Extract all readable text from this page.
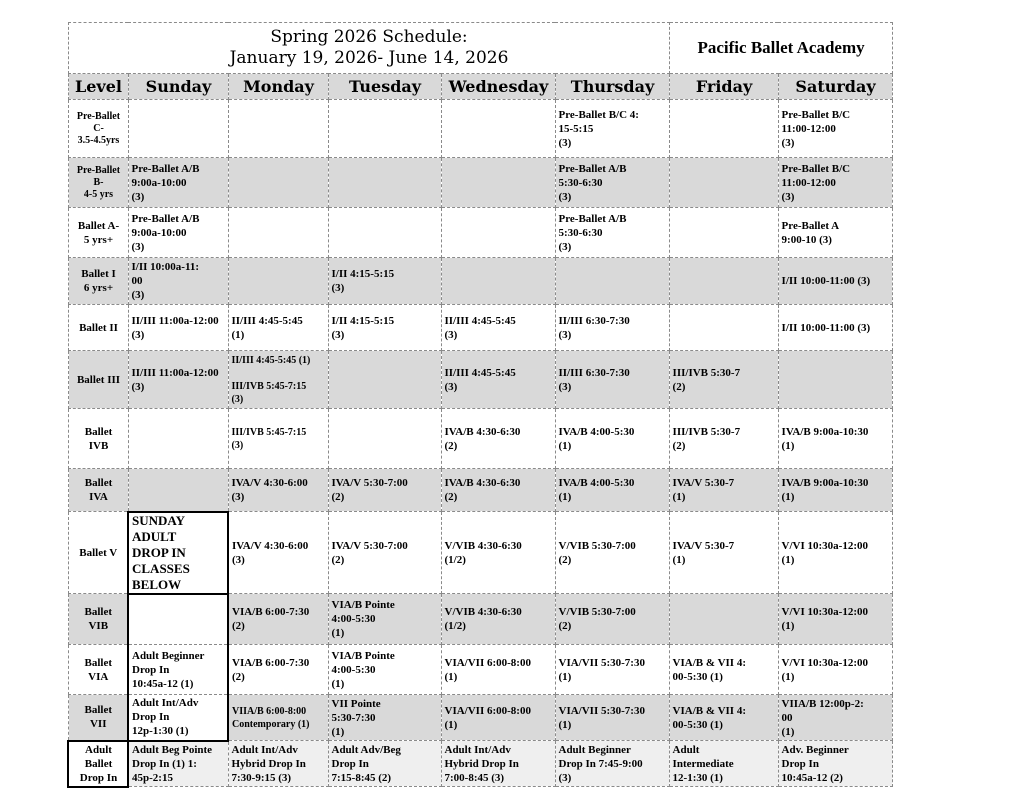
Spring 2026 Schedule:
January 19, 2026- June 14, 2026						Pacific Ballet Academy	
Level	Sunday	Monday	Tuesday	Wednesday	Thursday	Friday	Saturday
Pre-Ballet
C-
3.5-4.5yrs					Pre-Ballet B/C 4:
15-5:15
(3)		Pre-Ballet B/C
11:00-12:00
(3)
Pre-Ballet
B-
4-5 yrs	Pre-Ballet A/B
9:00a-10:00
(3)				Pre-Ballet A/B
5:30-6:30
(3)		Pre-Ballet B/C
11:00-12:00
(3)
Ballet A-
5 yrs+	Pre-Ballet A/B
9:00a-10:00
(3)				Pre-Ballet A/B
5:30-6:30
(3)		Pre-Ballet A
9:00-10 (3)
Ballet I
6 yrs+	I/II 10:00a-11:
00
(3)		I/II 4:15-5:15
(3)				I/II 10:00-11:00 (3)
Ballet II	II/III 11:00a-12:00
(3)	II/III 4:45-5:45
(1)	I/II 4:15-5:15
(3)	II/III 4:45-5:45
(3)	II/III 6:30-7:30
(3)		I/II 10:00-11:00 (3)
Ballet III	II/III 11:00a-12:00
(3)	II/III 4:45-5:45 (1)

III/IVB 5:45-7:15
(3)		II/III 4:45-5:45
(3)	II/III 6:30-7:30
(3)	III/IVB 5:30-7
(2)	
Ballet
IVB		III/IVB 5:45-7:15
(3)		IVA/B 4:30-6:30
(2)	IVA/B 4:00-5:30
(1)	III/IVB 5:30-7
(2)	IVA/B 9:00a-10:30
(1)
Ballet
IVA		IVA/V 4:30-6:00
(3)	IVA/V 5:30-7:00
(2)	IVA/B 4:30-6:30
(2)	IVA/B 4:00-5:30
(1)	IVA/V 5:30-7
(1)	IVA/B 9:00a-10:30
(1)
Ballet V	SUNDAY
ADULT
DROP IN
CLASSES
BELOW	IVA/V 4:30-6:00
(3)	IVA/V 5:30-7:00
(2)	V/VIB 4:30-6:30
(1/2)	V/VIB 5:30-7:00
(2)	IVA/V 5:30-7
(1)	V/VI 10:30a-12:00
(1)
Ballet
VIB		VIA/B 6:00-7:30
(2)	VIA/B Pointe
4:00-5:30
(1)	V/VIB 4:30-6:30
(1/2)	V/VIB 5:30-7:00
(2)		V/VI 10:30a-12:00
(1)
Ballet
VIA	Adult Beginner
Drop In
10:45a-12 (1)	VIA/B 6:00-7:30
(2)	VIA/B Pointe
4:00-5:30
(1)	VIA/VII 6:00-8:00
(1)	VIA/VII 5:30-7:30
(1)	VIA/B & VII 4:
00-5:30 (1)	V/VI 10:30a-12:00
(1)
Ballet
VII	Adult Int/Adv
Drop In
12p-1:30 (1)	VIIA/B 6:00-8:00
Contemporary (1)	VII Pointe
5:30-7:30
(1)	VIA/VII 6:00-8:00
(1)	VIA/VII 5:30-7:30
(1)	VIA/B & VII 4:
00-5:30 (1)	VIIA/B 12:00p-2:
00
(1)
Adult
Ballet
Drop In	Adult Beg Pointe
Drop In (1) 1:
45p-2:15	Adult Int/Adv
Hybrid Drop In
7:30-9:15 (3)	Adult Adv/Beg
Drop In
7:15-8:45 (2)	Adult Int/Adv
Hybrid Drop In
7:00-8:45 (3)	Adult Beginner
Drop In 7:45-9:00
(3)	Adult
Intermediate
12-1:30 (1)	Adv. Beginner
Drop In
10:45a-12 (2)
